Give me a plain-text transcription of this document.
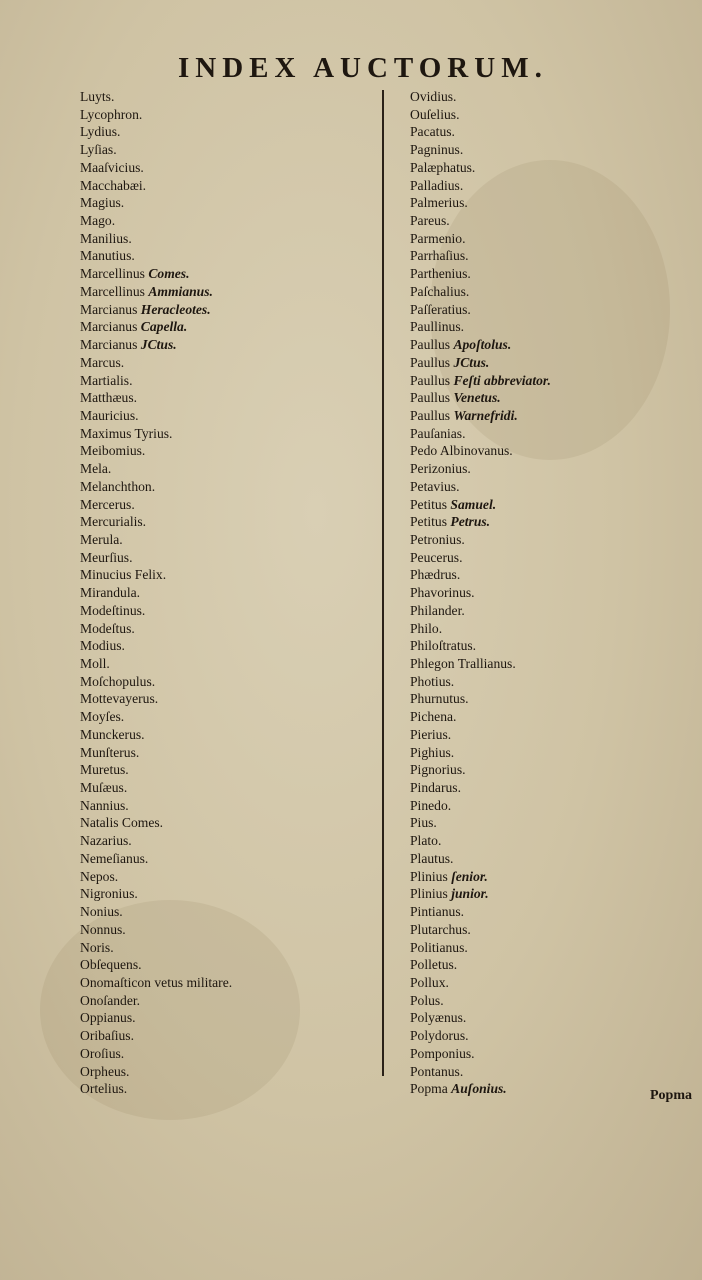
INDEX AUCTORUM.
Luyts.
Lycophron.
Lydius.
Lyſias.
Maaſvicius.
Macchabæi.
Magius.
Mago.
Manilius.
Manutius.
Marcellinus Comes.
Marcellinus Ammianus.
Marcianus Heracleotes.
Marcianus Capella.
Marcianus JCtus.
Marcus.
Martialis.
Matthæus.
Mauricius.
Maximus Tyrius.
Meibomius.
Mela.
Melanchthon.
Mercerus.
Mercurialis.
Merula.
Meurſius.
Minucius Felix.
Mirandula.
Modeſtinus.
Modeſtus.
Modius.
Moll.
Moſchopulus.
Mottevayerus.
Moyſes.
Munckerus.
Munſterus.
Muretus.
Muſæus.
Nannius.
Natalis Comes.
Nazarius.
Nemeſianus.
Nepos.
Nigronius.
Nonius.
Nonnus.
Noris.
Obſequens.
Onomaſticon vetus militare.
Onoſander.
Oppianus.
Oribaſius.
Oroſius.
Orpheus.
Ortelius.
Ovidius.
Ouſelius.
Pacatus.
Pagninus.
Palæphatus.
Palladius.
Palmerius.
Pareus.
Parmenio.
Parrhaſius.
Parthenius.
Paſchalius.
Paſſeratius.
Paullinus.
Paullus Apoſtolus.
Paullus JCtus.
Paullus Feſti abbreviator.
Paullus Venetus.
Paullus Warnefridi.
Pauſanias.
Pedo Albinovanus.
Perizonius.
Petavius.
Petitus Samuel.
Petitus Petrus.
Petronius.
Peucerus.
Phædrus.
Phavorinus.
Philander.
Philo.
Philoſtratus.
Phlegon Trallianus.
Photius.
Phurnutus.
Pichena.
Pierius.
Pighius.
Pignorius.
Pindarus.
Pinedo.
Pius.
Plato.
Plautus.
Plinius ſenior.
Plinius junior.
Pintianus.
Plutarchus.
Politianus.
Polletus.
Pollux.
Polus.
Polyænus.
Polydorus.
Pomponius.
Pontanus.
Popma Auſonius.	Popma
